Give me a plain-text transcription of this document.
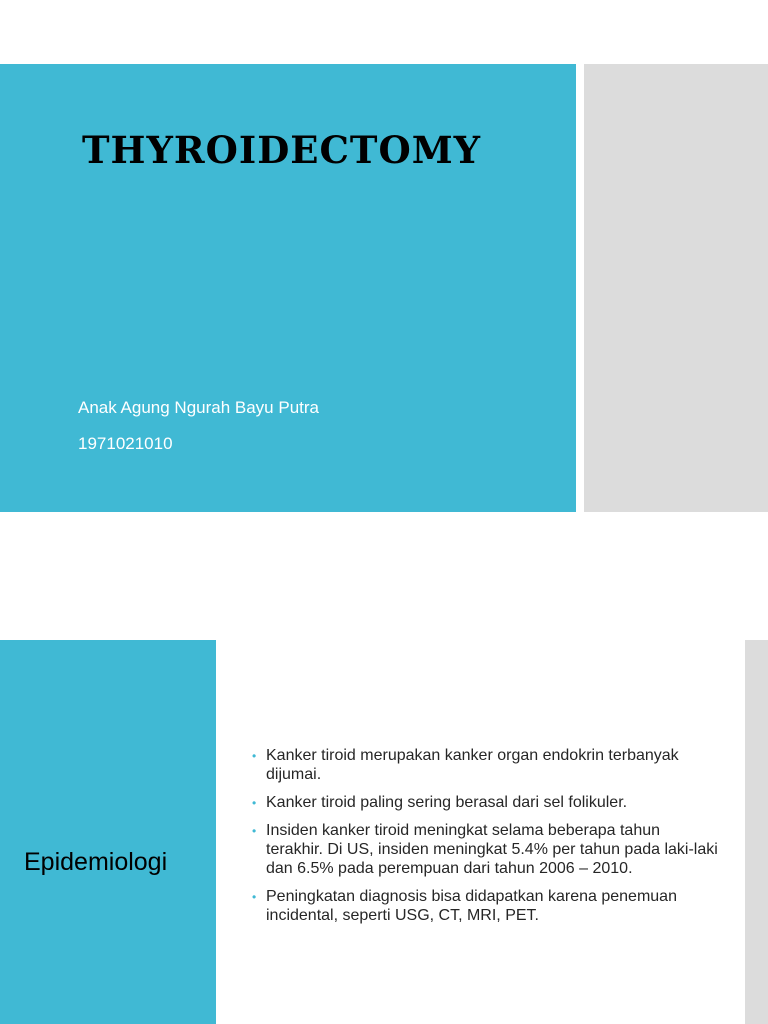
THYROIDECTOMY
Anak Agung Ngurah Bayu Putra
1971021010
Epidemiologi
• Kanker tiroid merupakan kanker organ endokrin terbanyak dijumai.
• Kanker tiroid paling sering berasal dari sel folikuler.
• Insiden kanker tiroid meningkat selama beberapa tahun terakhir. Di US, insiden meningkat 5.4% per tahun pada laki-laki dan 6.5% pada perempuan dari tahun 2006 – 2010.
• Peningkatan diagnosis bisa didapatkan karena penemuan incidental, seperti USG, CT, MRI, PET.
